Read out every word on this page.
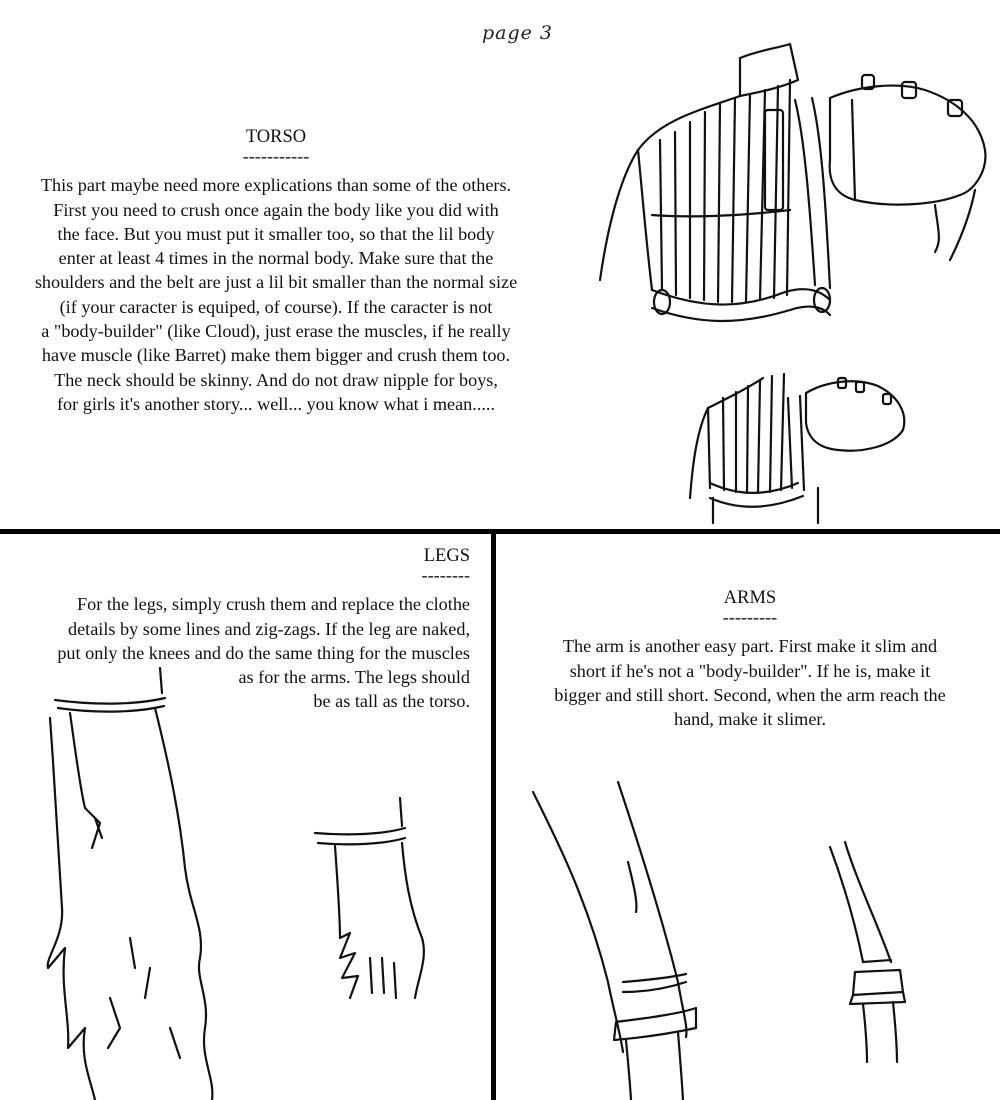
page 3
TORSO
-----------
This part maybe need more explications than some of the others.
First you need to crush once again the body like you did with
the face. But you must put it smaller too, so that the lil body
enter at least 4 times in the normal body. Make sure that the
shoulders and the belt are just a lil bit smaller than the normal size
(if your caracter is equiped, of course). If the caracter is not
a "body-builder" (like Cloud), just erase the muscles, if he really
have muscle (like Barret) make them bigger and crush them too.
The neck should be skinny. And do not draw nipple for boys,
for girls it's another story... well... you know what i mean.....
LEGS
--------
For the legs, simply crush them and replace the clothe
details by some lines and zig-zags. If the leg are naked,
put only the knees and do the same thing for the muscles
as for the arms. The legs should
be as tall as the torso.
ARMS
---------
The arm is another easy part. First make it slim and
short if he's not a "body-builder". If he is, make it
bigger and still short. Second, when the arm reach the
hand, make it slimer.
